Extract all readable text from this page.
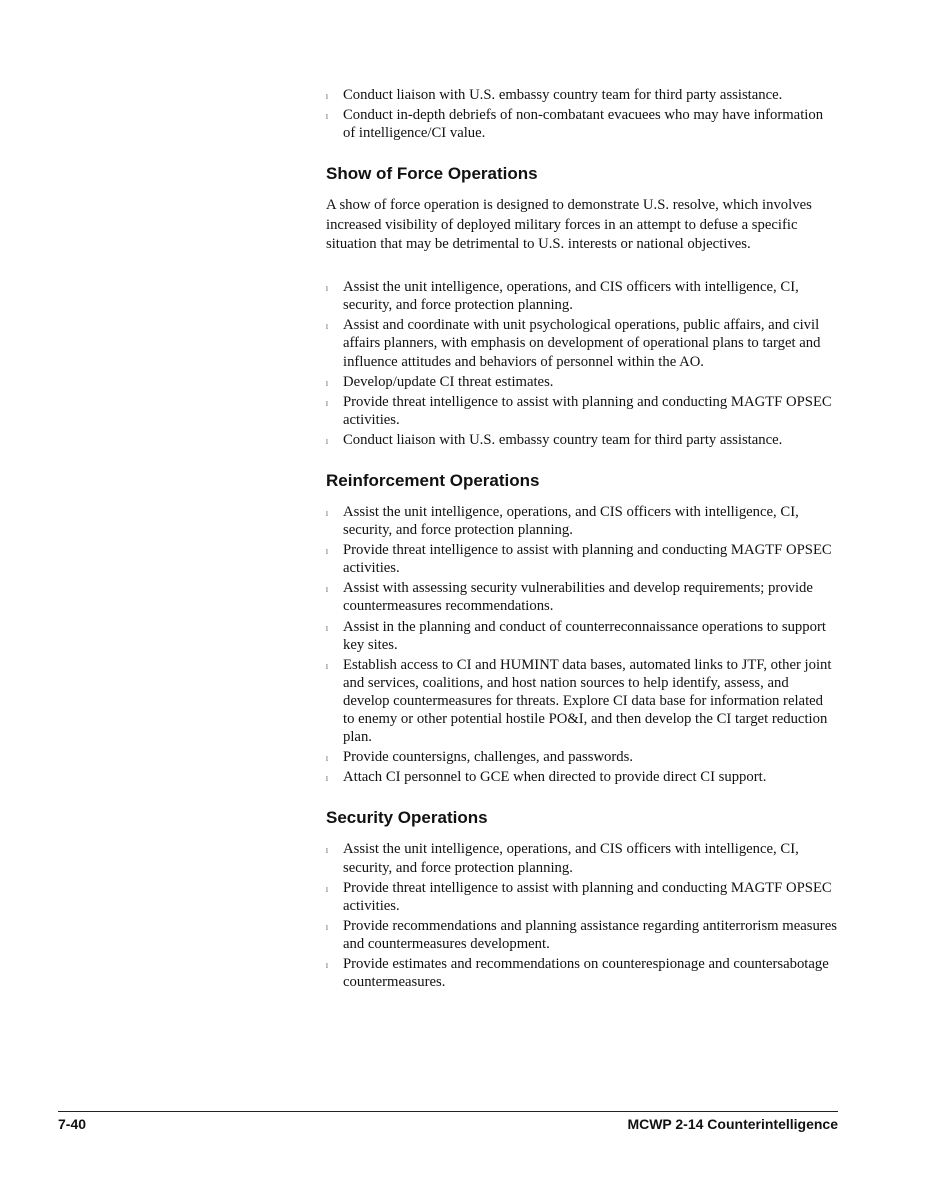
l Conduct liaison with U.S. embassy country team for third party assistance.
l Conduct in-depth debriefs of non-combatant evacuees who may have information of intelligence/CI value.
Show of Force Operations

A show of force operation is designed to demonstrate U.S. resolve, which involves increased visibility of deployed military forces in an attempt to defuse a specific situation that may be detrimental to U.S. interests or national objectives.

l Assist the unit intelligence, operations, and CIS officers with intelligence, CI, security, and force protection planning.
l Assist and coordinate with unit psychological operations, public affairs, and civil affairs planners, with emphasis on development of operational plans to target and influence attitudes and behaviors of personnel within the AO.
l Develop/update CI threat estimates.
l Provide threat intelligence to assist with planning and conducting MAGTF OPSEC activities.
l Conduct liaison with U.S. embassy country team for third party assistance.
Reinforcement Operations
l Assist the unit intelligence, operations, and CIS officers with intelligence, CI, security, and force protection planning.
l Provide threat intelligence to assist with planning and conducting MAGTF OPSEC activities.
l Assist with assessing security vulnerabilities and develop requirements; provide countermeasures recommendations.
l Assist in the planning and conduct of counterreconnaissance operations to support key sites.
l Establish access to CI and HUMINT data bases, automated links to JTF, other joint and services, coalitions, and host nation sources to help identify, assess, and develop countermeasures for threats. Explore CI data base for information related to enemy or other potential hostile PO&I, and then develop the CI target reduction plan.
l Provide countersigns, challenges, and passwords.
l Attach CI personnel to GCE when directed to provide direct CI support.
Security Operations
l Assist the unit intelligence, operations, and CIS officers with intelligence, CI, security, and force protection planning.
l Provide threat intelligence to assist with planning and conducting MAGTF OPSEC activities.
l Provide recommendations and planning assistance regarding antiterrorism measures and countermeasures development.
l Provide estimates and recommendations on counterespionage and countersabotage countermeasures.
7-40	MCWP 2-14 Counterintelligence
